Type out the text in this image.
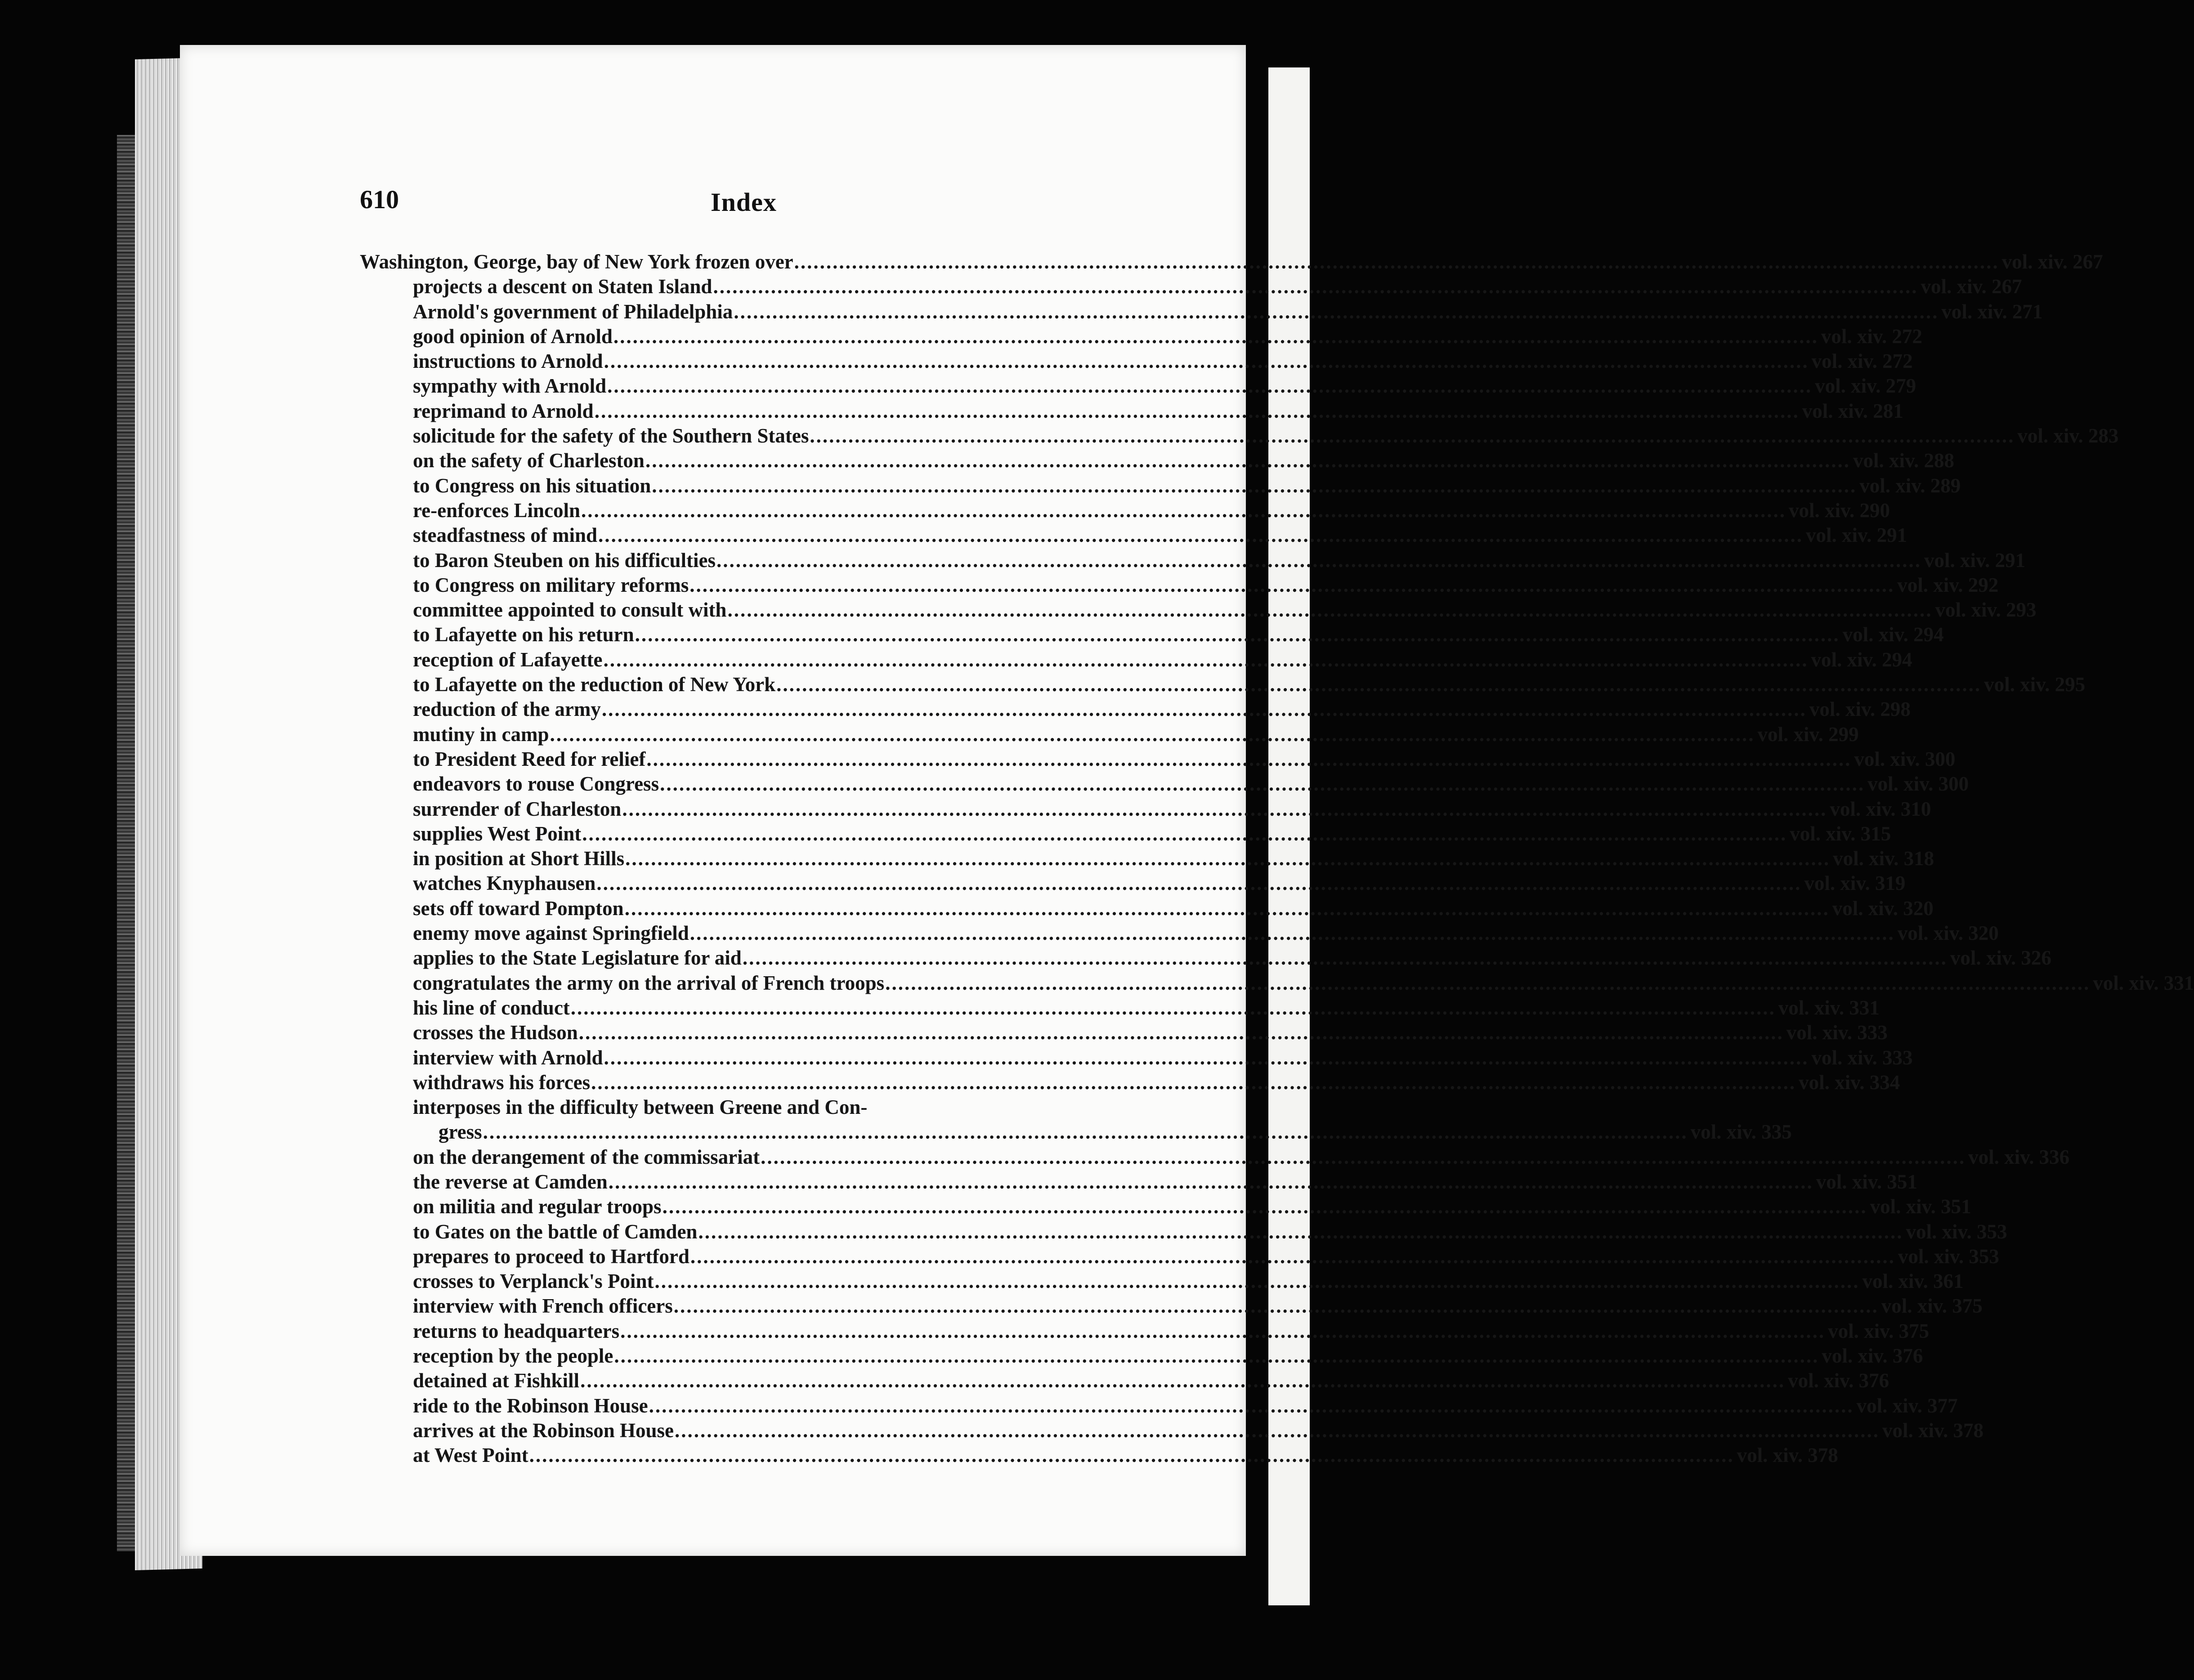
610	Index
Washington, George, bay of New York frozen over .....	vol. xiv. 267
projects a descent on Staten Island .....	vol. xiv. 267
Arnold's government of Philadelphia .....	vol. xiv. 271
good opinion of Arnold .....	vol. xiv. 272
instructions to Arnold .....	vol. xiv. 272
sympathy with Arnold .....	vol. xiv. 279
reprimand to Arnold .....	vol. xiv. 281
solicitude for the safety of the Southern States .....	vol. xiv. 283
on the safety of Charleston .....	vol. xiv. 288
to Congress on his situation .....	vol. xiv. 289
re-enforces Lincoln .....	vol. xiv. 290
steadfastness of mind .....	vol. xiv. 291
to Baron Steuben on his difficulties .....	vol. xiv. 291
to Congress on military reforms .....	vol. xiv. 292
committee appointed to consult with .....	vol. xiv. 293
to Lafayette on his return .....	vol. xiv. 294
reception of Lafayette .....	vol. xiv. 294
to Lafayette on the reduction of New York .....	vol. xiv. 295
reduction of the army .....	vol. xiv. 298
mutiny in camp .....	vol. xiv. 299
to President Reed for relief .....	vol. xiv. 300
endeavors to rouse Congress .....	vol. xiv. 300
surrender of Charleston .....	vol. xiv. 310
supplies West Point .....	vol. xiv. 315
in position at Short Hills .....	vol. xiv. 318
watches Knyphausen .....	vol. xiv. 319
sets off toward Pompton .....	vol. xiv. 320
enemy move against Springfield .....	vol. xiv. 320
applies to the State Legislature for aid .....	vol. xiv. 326
congratulates the army on the arrival of French troops .....	vol. xiv. 331
his line of conduct .....	vol. xiv. 331
crosses the Hudson .....	vol. xiv. 333
interview with Arnold .....	vol. xiv. 333
withdraws his forces .....	vol. xiv. 334
interposes in the difficulty between Greene and Con-
gress .....	vol. xiv. 335
on the derangement of the commissariat .....	vol. xiv. 336
the reverse at Camden .....	vol. xiv. 351
on militia and regular troops .....	vol. xiv. 351
to Gates on the battle of Camden .....	vol. xiv. 353
prepares to proceed to Hartford .....	vol. xiv. 353
crosses to Verplanck's Point .....	vol. xiv. 361
interview with French officers .....	vol. xiv. 375
returns to headquarters .....	vol. xiv. 375
reception by the people .....	vol. xiv. 376
detained at Fishkill .....	vol. xiv. 376
ride to the Robinson House .....	vol. xiv. 377
arrives at the Robinson House .....	vol. xiv. 378
at West Point .....	vol. xiv. 378
